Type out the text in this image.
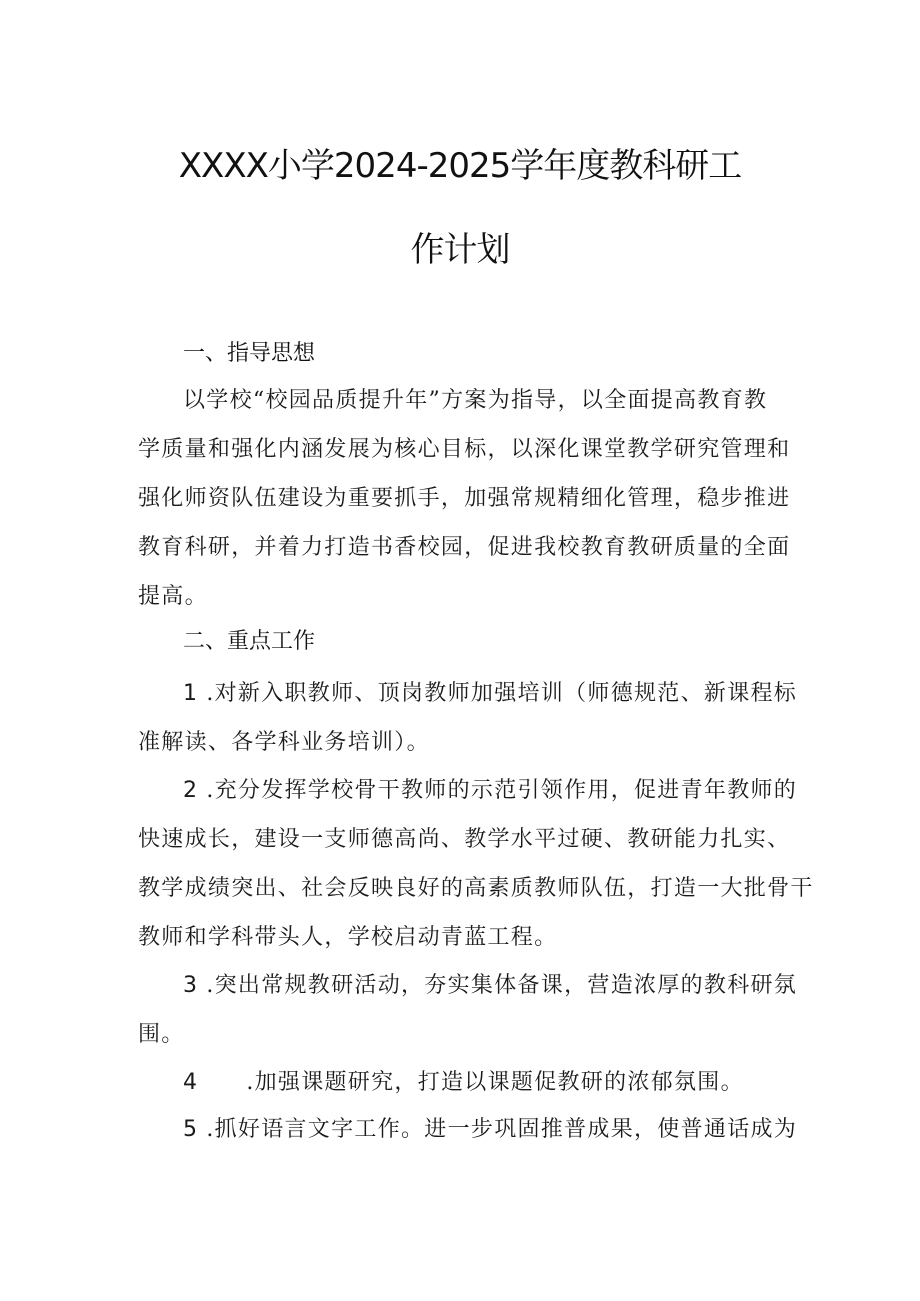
XXXX小学2024-2025学年度教科研工
作计划
一、指导思想
以学校“校园品质提升年”方案为指导，以全面提高教育教
学质量和强化内涵发展为核心目标，以深化课堂教学研究管理和
强化师资队伍建设为重要抓手，加强常规精细化管理，稳步推进
教育科研，并着力打造书香校园，促进我校教育教研质量的全面
提高。
二、重点工作
1 .对新入职教师、顶岗教师加强培训（师德规范、新课程标
准解读、各学科业务培训）。
2 .充分发挥学校骨干教师的示范引领作用，促进青年教师的
快速成长，建设一支师德高尚、教学水平过硬、教研能力扎实、
教学成绩突出、社会反映良好的高素质教师队伍，打造一大批骨干
教师和学科带头人，学校启动青蓝工程。
3 .突出常规教研活动，夯实集体备课，营造浓厚的教科研氛
围。
4 .加强课题研究，打造以课题促教研的浓郁氛围。
5 .抓好语言文字工作。进一步巩固推普成果，使普通话成为
